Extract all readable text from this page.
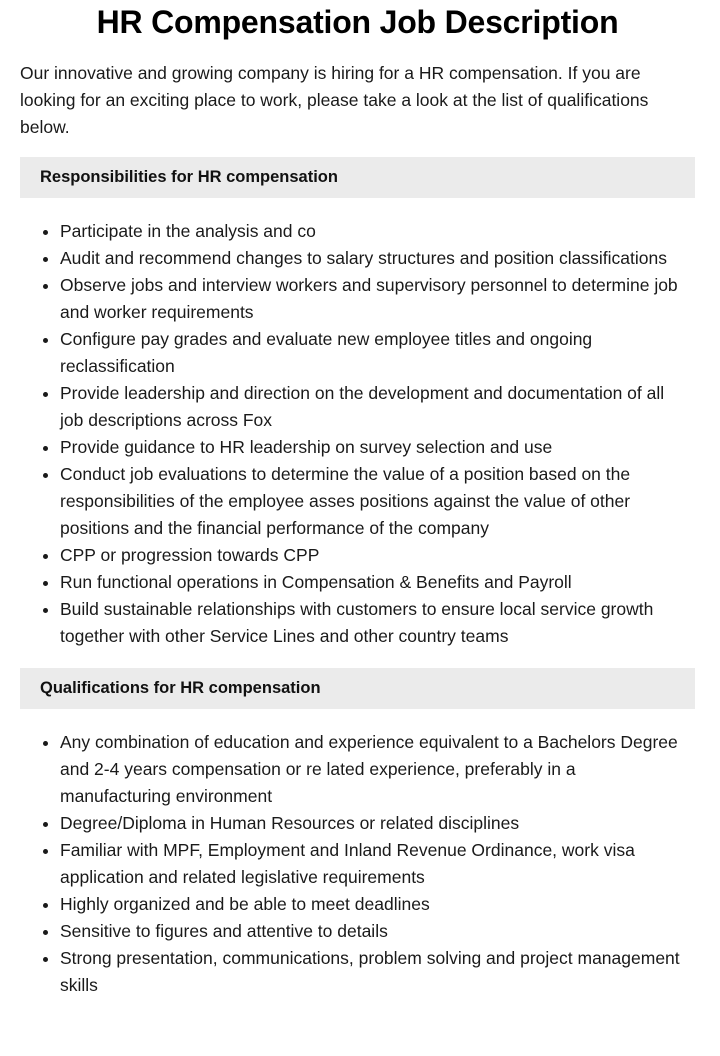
HR Compensation Job Description

Our innovative and growing company is hiring for a HR compensation. If you are looking for an exciting place to work, please take a look at the list of qualifications below.

Responsibilities for HR compensation
Participate in the analysis and co
Audit and recommend changes to salary structures and position classifications
Observe jobs and interview workers and supervisory personnel to determine job and worker requirements
Configure pay grades and evaluate new employee titles and ongoing reclassification
Provide leadership and direction on the development and documentation of all job descriptions across Fox
Provide guidance to HR leadership on survey selection and use
Conduct job evaluations to determine the value of a position based on the responsibilities of the employee asses positions against the value of other positions and the financial performance of the company
CPP or progression towards CPP
Run functional operations in Compensation & Benefits and Payroll
Build sustainable relationships with customers to ensure local service growth together with other Service Lines and other country teams
Qualifications for HR compensation
Any combination of education and experience equivalent to a Bachelors Degree and 2-4 years compensation or re lated experience, preferably in a manufacturing environment
Degree/Diploma in Human Resources or related disciplines
Familiar with MPF, Employment and Inland Revenue Ordinance, work visa application and related legislative requirements
Highly organized and be able to meet deadlines
Sensitive to figures and attentive to details
Strong presentation, communications, problem solving and project management skills
